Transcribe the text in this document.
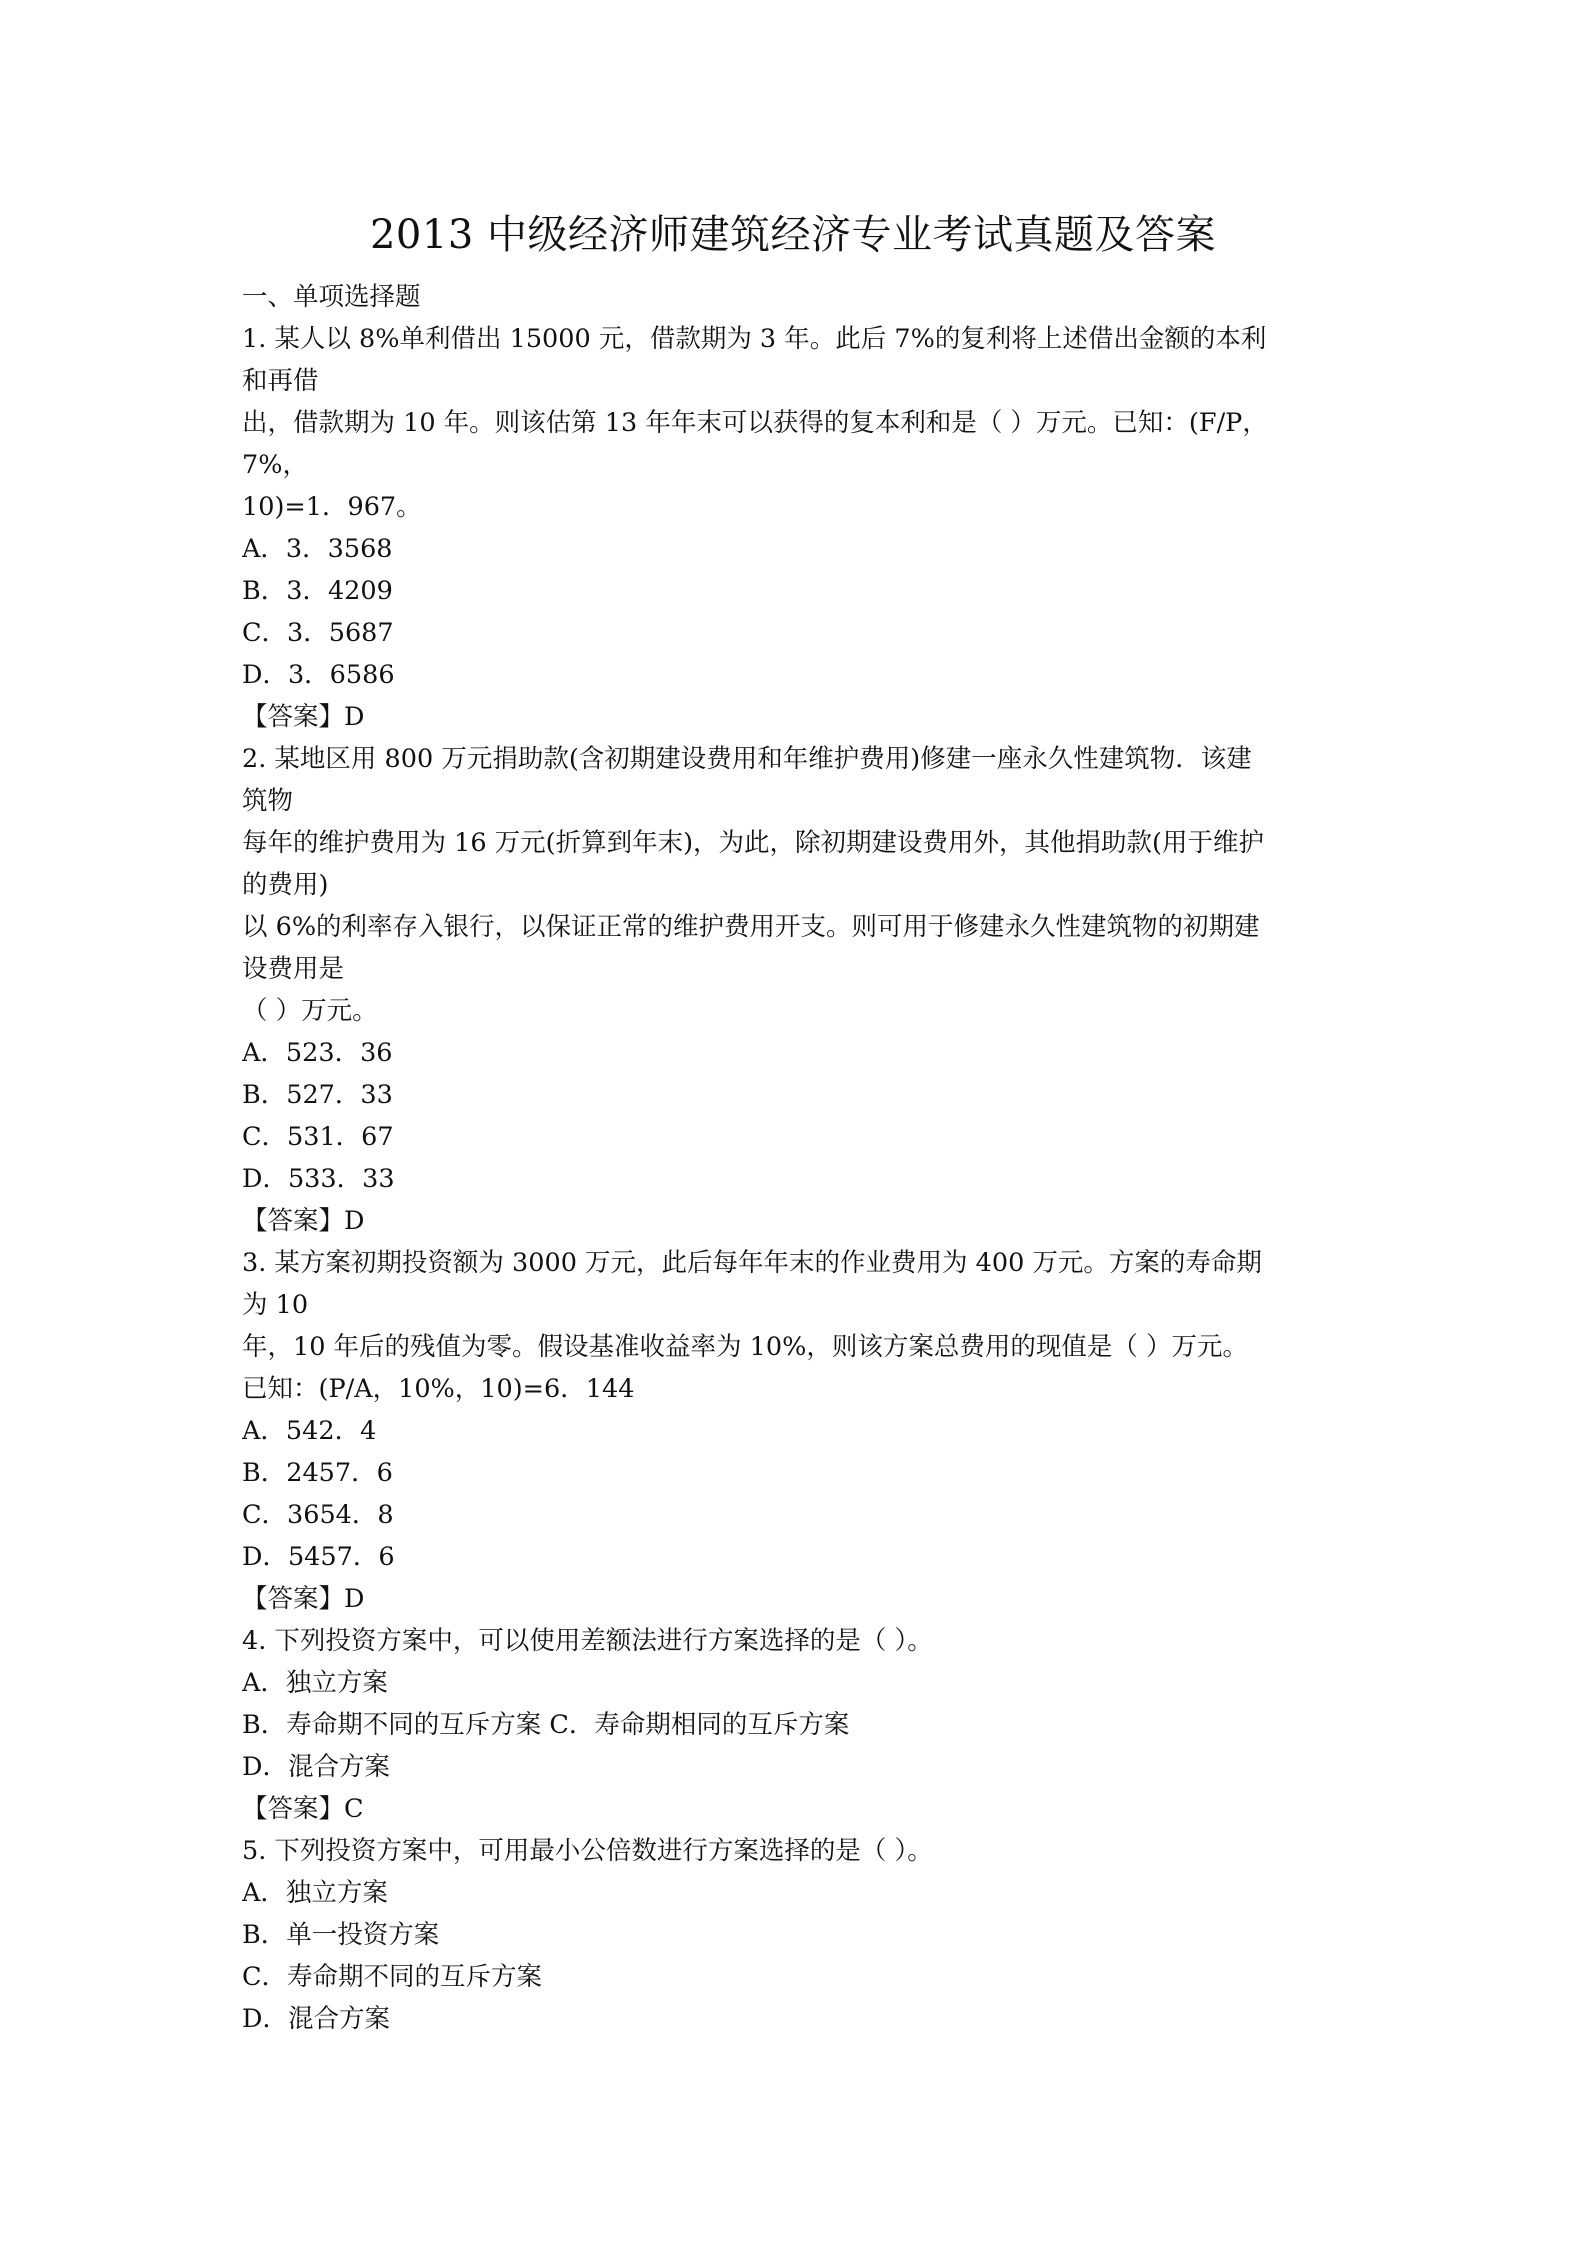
2013 中级经济师建筑经济专业考试真题及答案
一、单项选择题
1. 某人以 8%单利借出 15000 元，借款期为 3 年。此后 7%的复利将上述借出金额的本利
和再借
出，借款期为 10 年。则该估第 13 年年末可以获得的复本利和是（ ）万元。已知：(F/P，
7%，
10)=1．967。
A．3．3568
B．3．4209
C．3．5687
D．3．6586
【答案】D
2. 某地区用 800 万元捐助款(含初期建设费用和年维护费用)修建一座永久性建筑物．该建
筑物
每年的维护费用为 16 万元(折算到年末)，为此，除初期建设费用外，其他捐助款(用于维护
的费用)
以 6%的利率存入银行，以保证正常的维护费用开支。则可用于修建永久性建筑物的初期建
设费用是
（ ）万元。
A．523．36
B．527．33
C．531．67
D．533．33
【答案】D
3. 某方案初期投资额为 3000 万元，此后每年年末的作业费用为 400 万元。方案的寿命期
为 10
年，10 年后的残值为零。假设基准收益率为 10%，则该方案总费用的现值是（ ）万元。
已知：(P/A，10%，10)=6．144
A．542．4
B．2457．6
C．3654．8
D．5457．6
【答案】D
4. 下列投资方案中，可以使用差额法进行方案选择的是（ ）。
A．独立方案
B．寿命期不同的互斥方案 C．寿命期相同的互斥方案
D．混合方案
【答案】C
5. 下列投资方案中，可用最小公倍数进行方案选择的是（ ）。
A．独立方案
B．单一投资方案
C．寿命期不同的互斥方案
D．混合方案
